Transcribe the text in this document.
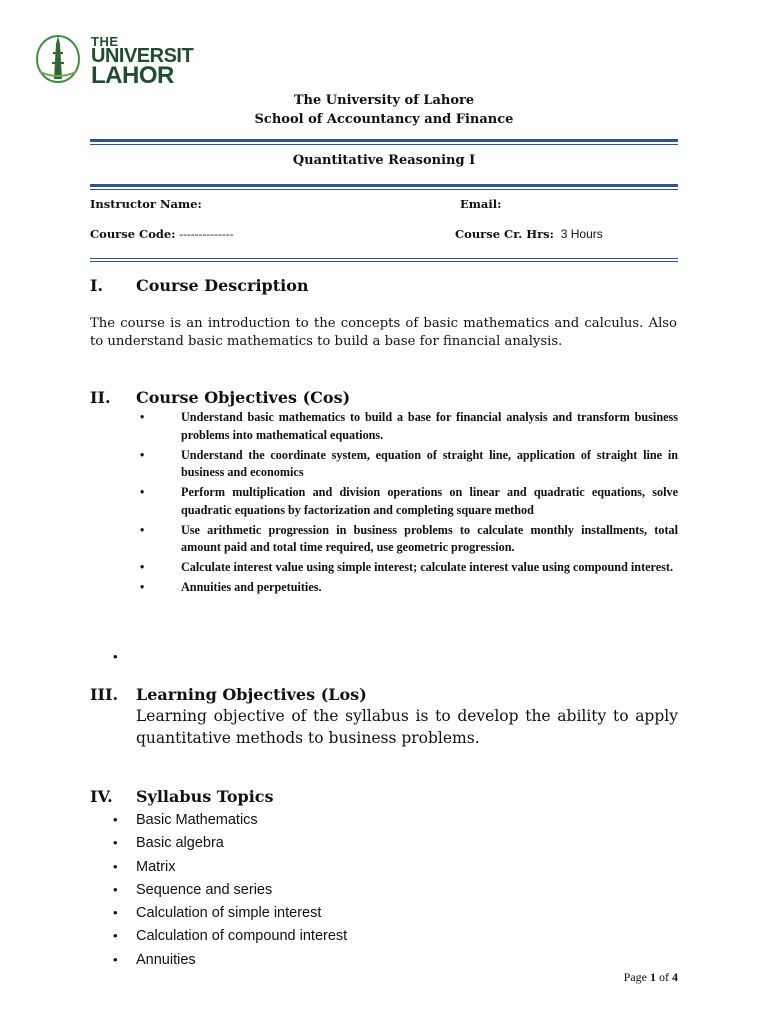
THE
UNIVERSIT
LAHOR
The University of Lahore
School of Accountancy and Finance
Quantitative Reasoning I
Instructor Name:	Email:
Course Code: --------------	Course Cr. Hrs: 3 Hours
I. Course Description
The course is an introduction to the concepts of basic mathematics and calculus. Also to understand basic mathematics to build a base for financial analysis.
II. Course Objectives (Cos)
•	Understand basic mathematics to build a base for financial analysis and transform business problems into mathematical equations.
•	Understand the coordinate system, equation of straight line, application of straight line in business and economics
•	Perform multiplication and division operations on linear and quadratic equations, solve quadratic equations by factorization and completing square method
•	Use arithmetic progression in business problems to calculate monthly installments, total amount paid and total time required, use geometric progression.
•	Calculate interest value using simple interest; calculate interest value using compound interest.
•	Annuities and perpetuities.
•
III. Learning Objectives (Los)
Learning objective of the syllabus is to develop the ability to apply quantitative methods to business problems.
IV. Syllabus Topics
• Basic Mathematics
• Basic algebra
• Matrix
• Sequence and series
• Calculation of simple interest
• Calculation of compound interest
• Annuities
Page 1 of 4
